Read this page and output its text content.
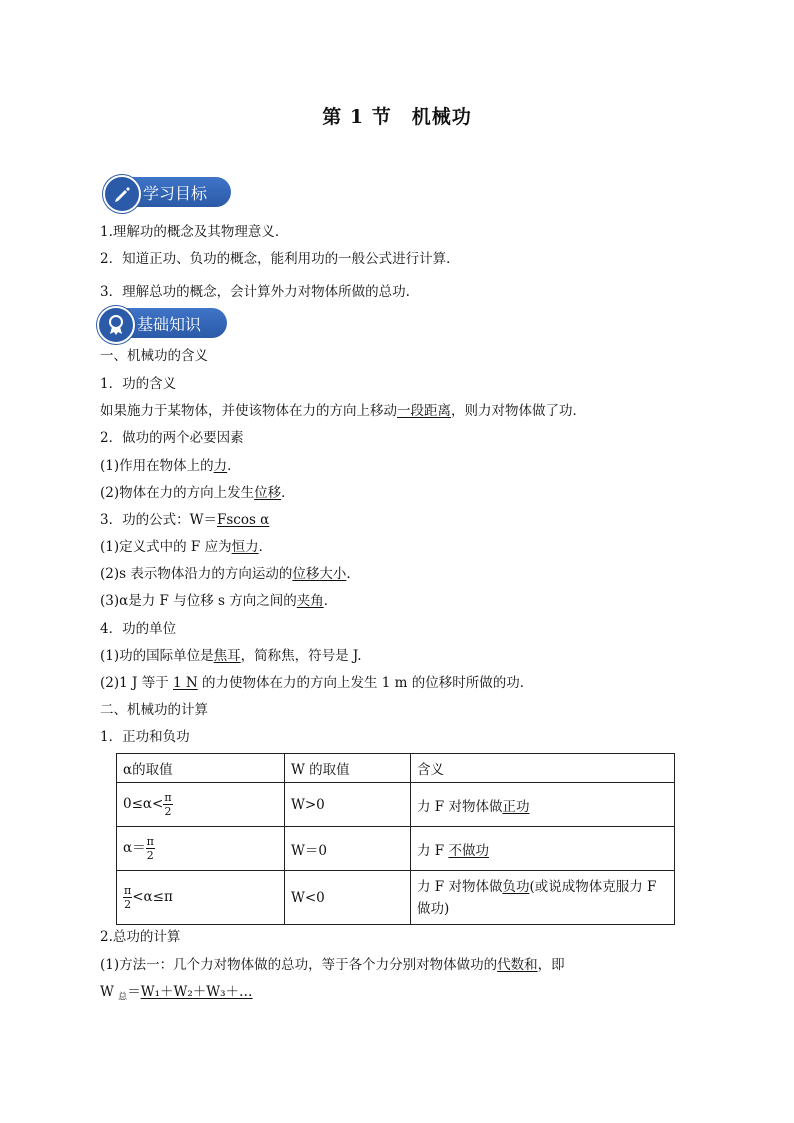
第 1 节　机械功
学习目标
1.理解功的概念及其物理意义．
2．知道正功、负功的概念，能利用功的一般公式进行计算．
3．理解总功的概念，会计算外力对物体所做的总功.
基础知识
一、机械功的含义
1．功的含义
如果施力于某物体，并使该物体在力的方向上移动一段距离，则力对物体做了功．
2．做功的两个必要因素
(1)作用在物体上的力．
(2)物体在力的方向上发生位移．
3．功的公式：W＝Fscos α
(1)定义式中的 F 应为恒力．
(2)s 表示物体沿力的方向运动的位移大小．
(3)α是力 F 与位移 s 方向之间的夹角．
4．功的单位
(1)功的国际单位是焦耳，简称焦，符号是 J.
(2)1 J 等于 1 N 的力使物体在力的方向上发生 1 m 的位移时所做的功．
二、机械功的计算
1．正功和负功
α的取值	W 的取值	含义
$0\le\alpha< \frac{\pi}{2}$	W>0	力 F 对物体做正功
$\alpha= \frac{\pi}{2}$	W＝0	力 F 不做功

$\frac{\pi}{2} <\alpha\le\pi$	W<0	力 F 对物体做负功(或说成物体克服力 F 做功)
2.总功的计算
(1)方法一：几个力对物体做的总功，等于各个力分别对物体做功的代数和，即
W $_总$＝W₁＋W₂＋W₃＋…
